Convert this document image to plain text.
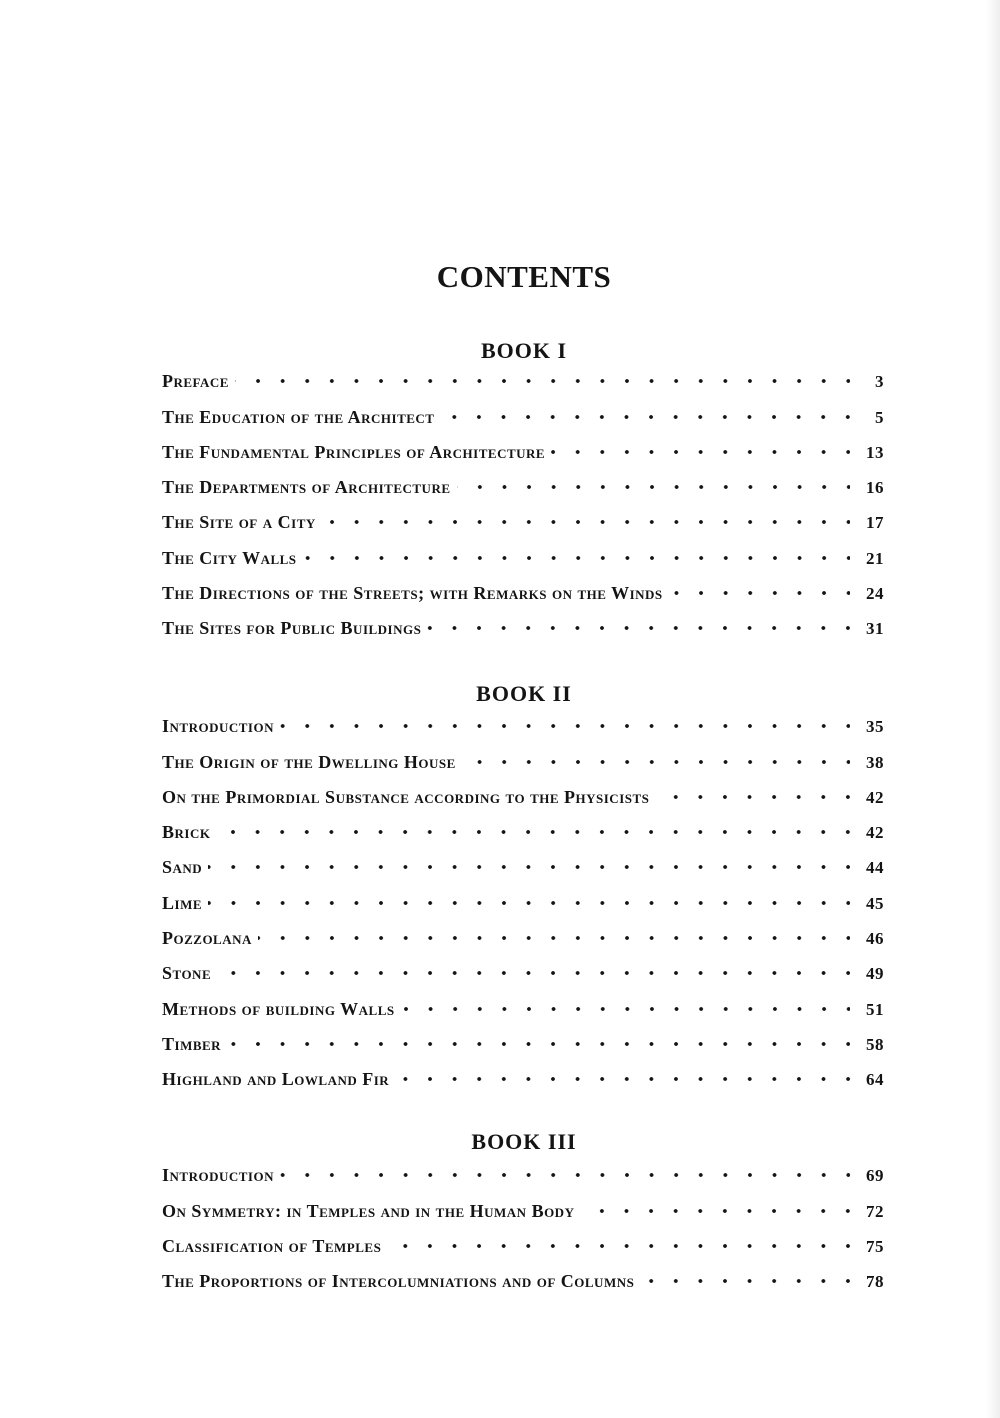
CONTENTS
BOOK I
Preface	3
The Education of the Architect	5
The Fundamental Principles of Architecture	13
The Departments of Architecture	16
The Site of a City	17
The City Walls	21
The Directions of the Streets; with Remarks on the Winds	24
The Sites for Public Buildings	31
BOOK II
Introduction	35
The Origin of the Dwelling House	38
On the Primordial Substance according to the Physicists	42
Brick	42
Sand	44
Lime	45
Pozzolana	46
Stone	49
Methods of building Walls	51
Timber	58
Highland and Lowland Fir	64
BOOK III
Introduction	69
On Symmetry: in Temples and in the Human Body	72
Classification of Temples	75
The Proportions of Intercolumniations and of Columns	78
